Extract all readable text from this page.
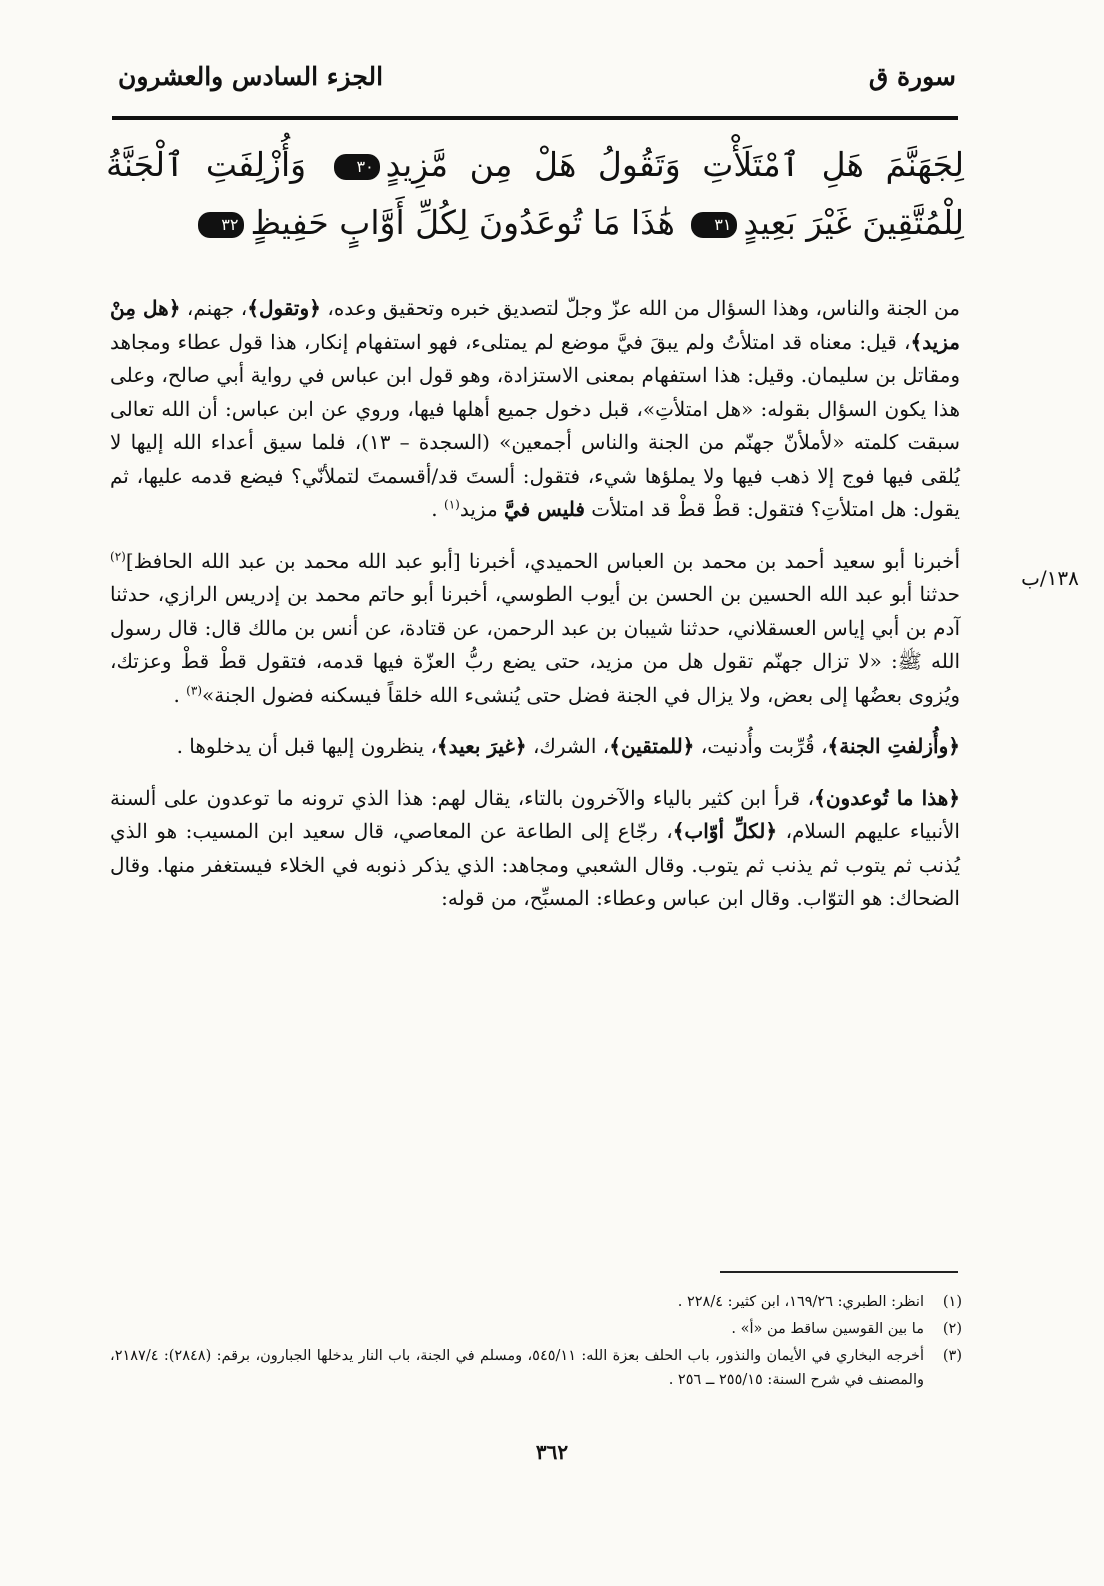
سورة ق
الجزء السادس والعشرون
لِجَهَنَّمَ هَلِ ٱمْتَلَأْتِ وَتَقُولُ هَلْ مِن مَّزِيدٍ٣٠ وَأُزْلِفَتِ ٱلْجَنَّةُ لِلْمُتَّقِينَ غَيْرَ بَعِيدٍ٣١ هَٰذَا مَا تُوعَدُونَ لِكُلِّ أَوَّابٍ حَفِيظٍ٣٢
١٣٨/ب

من الجنة والناس، وهذا السؤال من الله عزّ وجلّ لتصديق خبره وتحقيق وعده، ﴿وتقول﴾، جهنم، ﴿هل مِنْ مزيد﴾، قيل: معناه قد امتلأتُ ولم يبقَ فيَّ موضع لم يمتلىء، فهو استفهام إنكار، هذا قول عطاء ومجاهد ومقاتل بن سليمان. وقيل: هذا استفهام بمعنى الاستزادة، وهو قول ابن عباس في رواية أبي صالح، وعلى هذا يكون السؤال بقوله: «هل امتلأتِ»، قبل دخول جميع أهلها فيها، وروي عن ابن عباس: أن الله تعالى سبقت كلمته «لأملأنّ جهنّم من الجنة والناس أجمعين» (السجدة – ١٣)، فلما سيق أعداء الله إليها لا يُلقى فيها فوج إلا ذهب فيها ولا يملؤها شيء، فتقول: ألستَ قد/أقسمتَ لتملأنّي؟ فيضع قدمه عليها، ثم يقول: هل امتلأتِ؟ فتقول: قطْ قطْ قد امتلأت فليس فيَّ مزيد$^{(١)}$ .

أخبرنا أبو سعيد أحمد بن محمد بن العباس الحميدي، أخبرنا [أبو عبد الله محمد بن عبد الله الحافظ]$^{(٢)}$ حدثنا أبو عبد الله الحسين بن الحسن بن أيوب الطوسي، أخبرنا أبو حاتم محمد بن إدريس الرازي، حدثنا آدم بن أبي إياس العسقلاني، حدثنا شيبان بن عبد الرحمن، عن قتادة، عن أنس بن مالك قال: قال رسول الله ﷺ: «لا تزال جهنّم تقول هل من مزيد، حتى يضع ربُّ العزّة فيها قدمه، فتقول قطْ قطْ وعزتك، ويُزوى بعضُها إلى بعض، ولا يزال في الجنة فضل حتى يُنشىء الله خلقاً فيسكنه فضول الجنة»$^{(٣)}$ .

﴿وأُزلفتِ الجنة﴾، قُرِّبت وأُدنيت، ﴿للمتقين﴾، الشرك، ﴿غيرَ بعيد﴾، ينظرون إليها قبل أن يدخلوها .

﴿هذا ما تُوعدون﴾، قرأ ابن كثير بالياء والآخرون بالتاء، يقال لهم: هذا الذي ترونه ما توعدون على ألسنة الأنبياء عليهم السلام، ﴿لكلِّ أوّاب﴾، رجّاع إلى الطاعة عن المعاصي، قال سعيد ابن المسيب: هو الذي يُذنب ثم يتوب ثم يذنب ثم يتوب. وقال الشعبي ومجاهد: الذي يذكر ذنوبه في الخلاء فيستغفر منها. وقال الضحاك: هو التوّاب. وقال ابن عباس وعطاء: المسبِّح، من قوله:

(١)
انظر: الطبري: ١٦٩/٢٦، ابن كثير: ٢٢٨/٤ .
(٢)
ما بين القوسين ساقط من «أ» .
(٣)
أخرجه البخاري في الأيمان والنذور، باب الحلف بعزة الله: ٥٤٥/١١، ومسلم في الجنة، باب النار يدخلها الجبارون، برقم: (٢٨٤٨): ٢١٨٧/٤، والمصنف في شرح السنة: ٢٥٥/١٥ ــ ٢٥٦ .
٣٦٢
